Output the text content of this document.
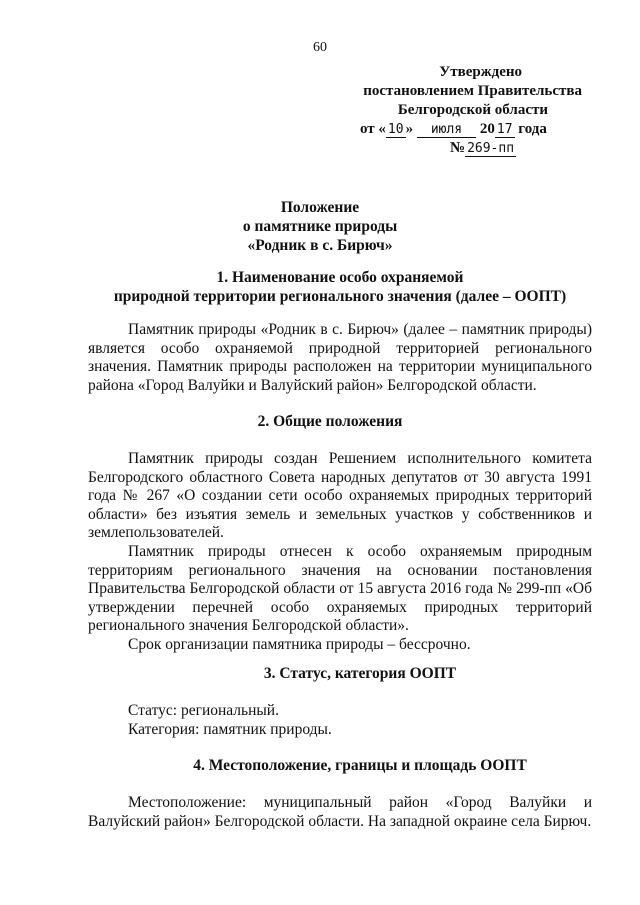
60
Утверждено
постановлением Правительства
Белгородской области
от « 10 » июля 20 17 года
№ 269-пп
Положение
о памятнике природы
«Родник в с. Бирюч»
1. Наименование особо охраняемой
природной территории регионального значения (далее – ООПТ)

Памятник природы «Родник в с. Бирюч» (далее – памятник природы) является особо охраняемой природной территорией регионального значения. Памятник природы расположен на территории муниципального района «Город Валуйки и Валуйский район» Белгородской области.

2. Общие положения

Памятник природы создан Решением исполнительного комитета Белгородского областного Совета народных депутатов от 30 августа 1991 года № 267 «О создании сети особо охраняемых природных территорий области» без изъятия земель и земельных участков у собственников и землепользователей.

Памятник природы отнесен к особо охраняемым природным территориям регионального значения на основании постановления Правительства Белгородской области от 15 августа 2016 года № 299-пп «Об утверждении перечней особо охраняемых природных территорий регионального значения Белгородской области».

Срок организации памятника природы – бессрочно.

3. Статус, категория ООПТ

Статус: региональный.

Категория: памятник природы.

4. Местоположение, границы и площадь ООПТ

Местоположение: муниципальный район «Город Валуйки и Валуйский район» Белгородской области. На западной окраине села Бирюч.
